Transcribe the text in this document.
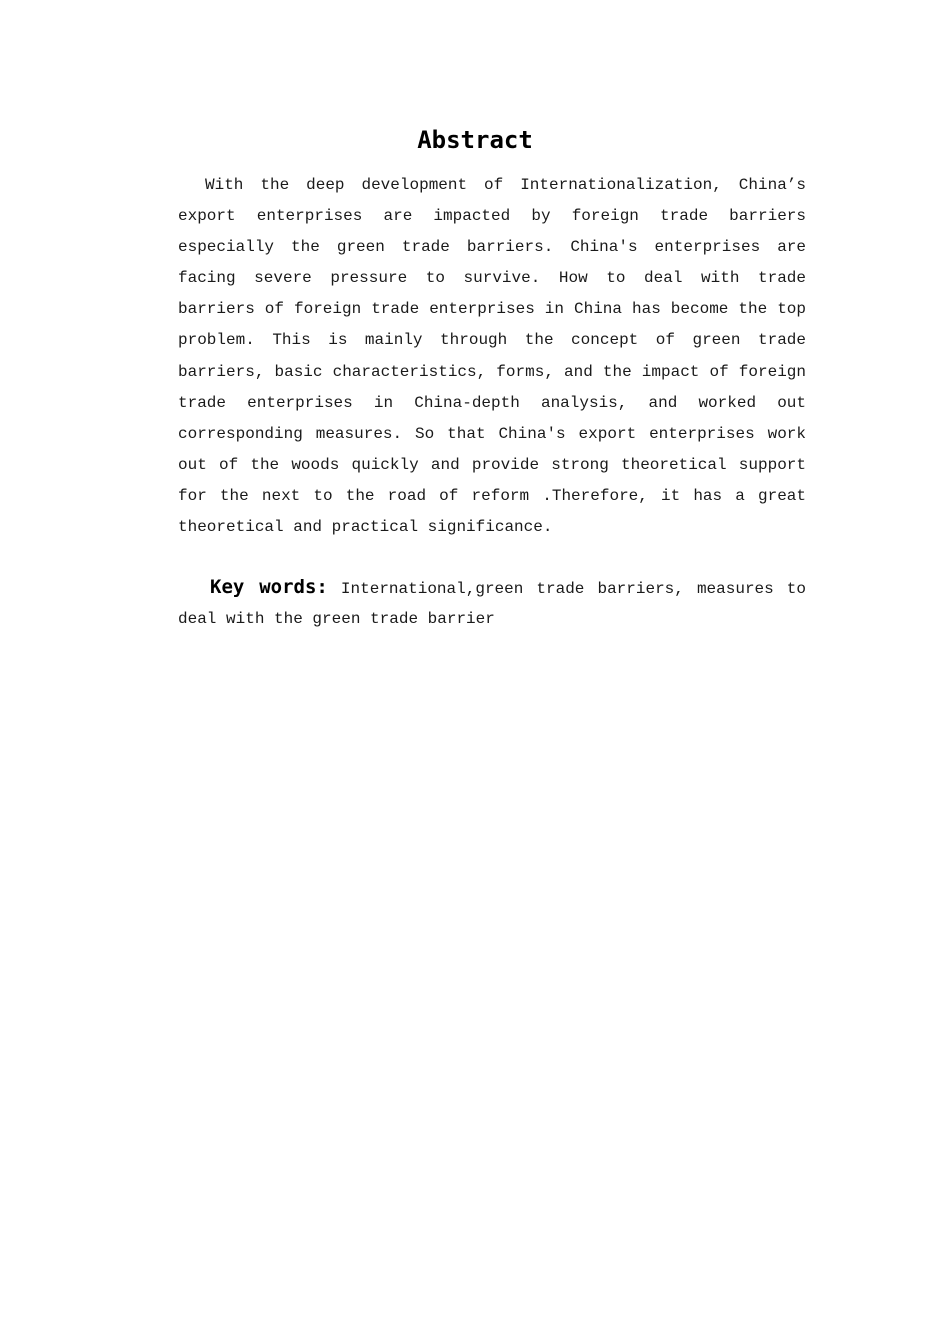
Abstract

With the deep development of Internationalization, China’s export enterprises are impacted by foreign trade barriers especially the green trade barriers. China's enterprises are facing severe pressure to survive. How to deal with trade barriers of foreign trade enterprises in China has become the top problem. This is mainly through the concept of green trade barriers, basic characteristics, forms, and the impact of foreign trade enterprises in China-depth analysis, and worked out corresponding measures. So that China's export enterprises work out of the woods quickly and provide strong theoretical support for the next to the road of reform .Therefore, it has a great theoretical and practical significance.

Key words: International,green trade barriers, measures to deal with the green trade barrier
